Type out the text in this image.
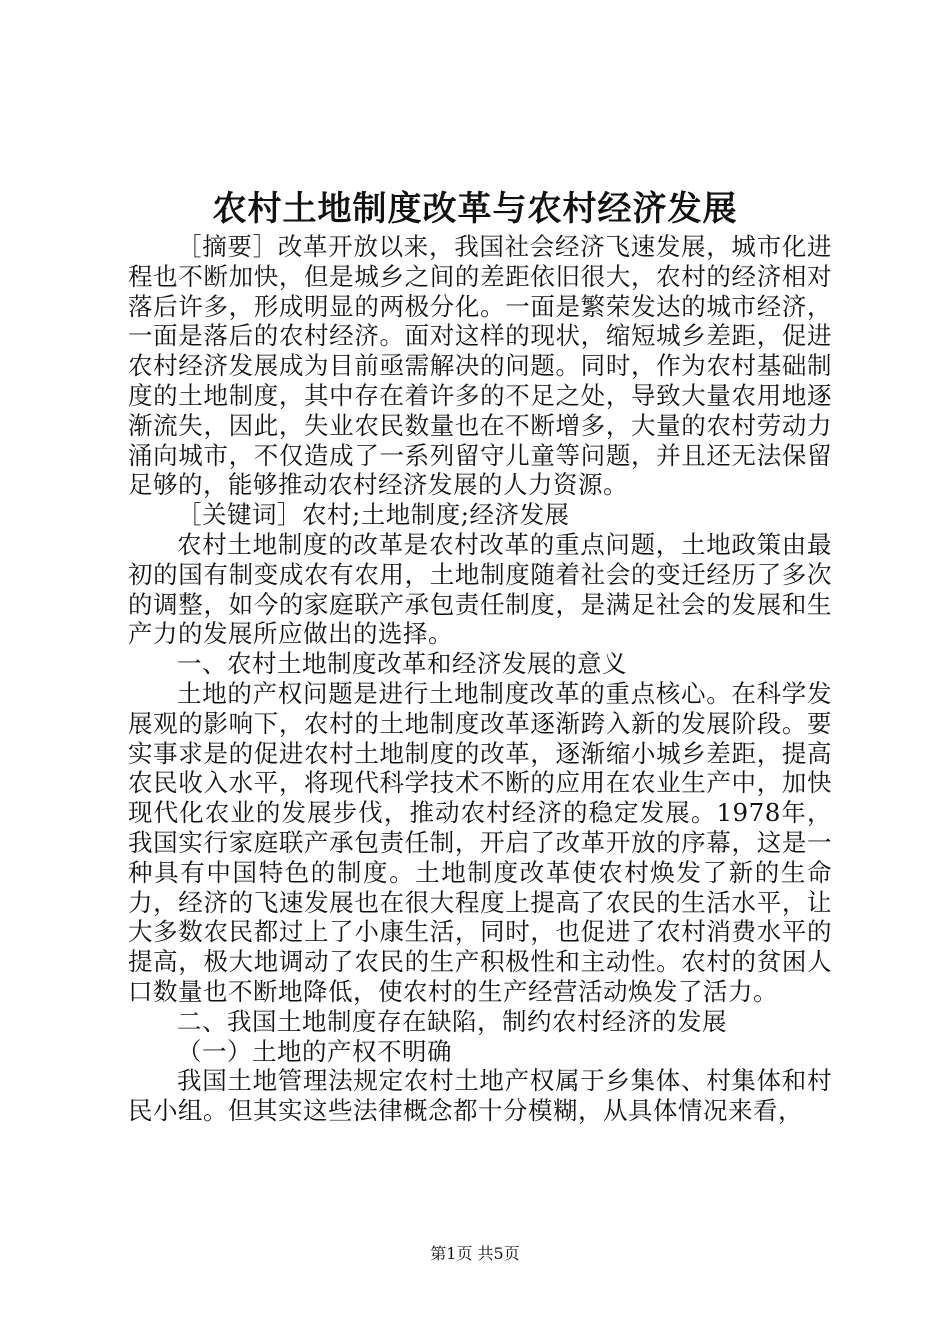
农村土地制度改革与农村经济发展

［摘要］改革开放以来，我国社会经济飞速发展，城市化进程也不断加快，但是城乡之间的差距依旧很大，农村的经济相对落后许多，形成明显的两极分化。一面是繁荣发达的城市经济，一面是落后的农村经济。面对这样的现状，缩短城乡差距，促进农村经济发展成为目前亟需解决的问题。同时，作为农村基础制度的土地制度，其中存在着许多的不足之处，导致大量农用地逐渐流失，因此，失业农民数量也在不断增多，大量的农村劳动力涌向城市，不仅造成了一系列留守儿童等问题，并且还无法保留足够的，能够推动农村经济发展的人力资源。

［关键词］农村;土地制度;经济发展

农村土地制度的改革是农村改革的重点问题，土地政策由最初的国有制变成农有农用，土地制度随着社会的变迁经历了多次的调整，如今的家庭联产承包责任制度，是满足社会的发展和生产力的发展所应做出的选择。

一、农村土地制度改革和经济发展的意义

土地的产权问题是进行土地制度改革的重点核心。在科学发展观的影响下，农村的土地制度改革逐渐跨入新的发展阶段。要实事求是的促进农村土地制度的改革，逐渐缩小城乡差距，提高农民收入水平，将现代科学技术不断的应用在农业生产中，加快现代化农业的发展步伐，推动农村经济的稳定发展。1978年，我国实行家庭联产承包责任制，开启了改革开放的序幕，这是一种具有中国特色的制度。土地制度改革使农村焕发了新的生命力，经济的飞速发展也在很大程度上提高了农民的生活水平，让大多数农民都过上了小康生活，同时，也促进了农村消费水平的提高，极大地调动了农民的生产积极性和主动性。农村的贫困人口数量也不断地降低，使农村的生产经营活动焕发了活力。

二、我国土地制度存在缺陷，制约农村经济的发展

（一）土地的产权不明确

我国土地管理法规定农村土地产权属于乡集体、村集体和村民小组。但其实这些法律概念都十分模糊，从具体情况来看，

第1页 共5页
